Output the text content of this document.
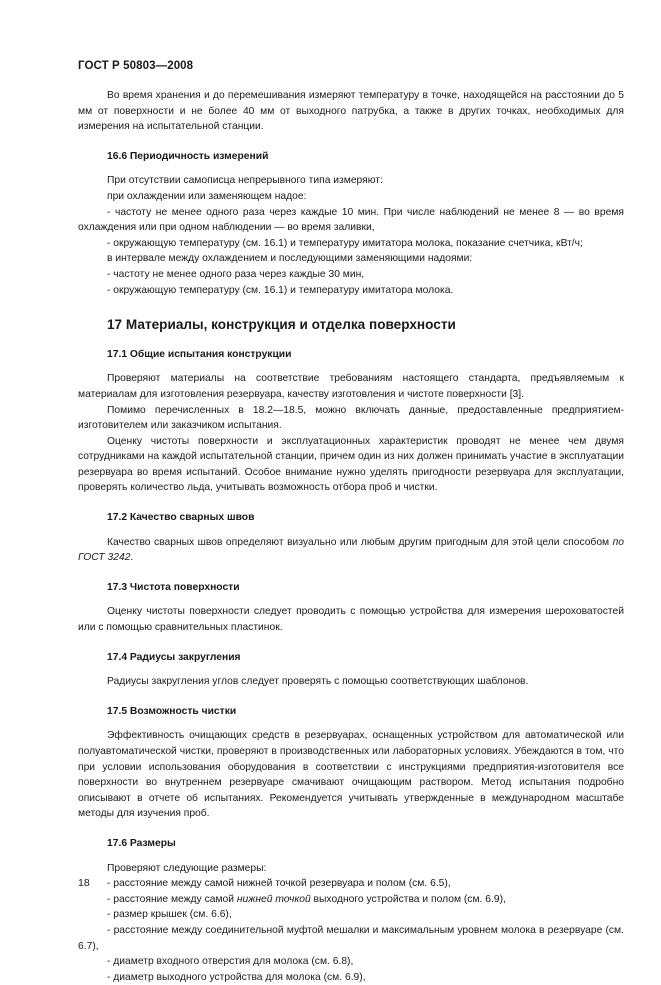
ГОСТ Р 50803—2008

Во время хранения и до перемешивания измеряют температуру в точке, находящейся на расстоянии до 5 мм от поверхности и не более 40 мм от выходного патрубка, а также в других точках, необходимых для измерения на испытательной станции.

16.6 Периодичность измерений

При отсутствии самописца непрерывного типа измеряют:

при охлаждении или заменяющем надое:

- частоту не менее одного раза через каждые 10 мин. При числе наблюдений не менее 8 — во время охлаждения или при одном наблюдении — во время заливки,

- окружающую температуру (см. 16.1) и температуру имитатора молока, показание счетчика, кВт/ч;

в интервале между охлаждением и последующими заменяющими надоями:

- частоту не менее одного раза через каждые 30 мин,

- окружающую температуру (см. 16.1) и температуру имитатора молока.

17 Материалы, конструкция и отделка поверхности
17.1 Общие испытания конструкции

Проверяют материалы на соответствие требованиям настоящего стандарта, предъявляемым к материалам для изготовления резервуара, качеству изготовления и чистоте поверхности [3].

Помимо перечисленных в 18.2—18.5, можно включать данные, предоставленные предприятием-изготовителем или заказчиком испытания.

Оценку чистоты поверхности и эксплуатационных характеристик проводят не менее чем двумя сотрудниками на каждой испытательной станции, причем один из них должен принимать участие в эксплуатации резервуара во время испытаний. Особое внимание нужно уделять пригодности резервуара для эксплуатации, проверять количество льда, учитывать возможность отбора проб и чистки.

17.2 Качество сварных швов

Качество сварных швов определяют визуально или любым другим пригодным для этой цели способом по ГОСТ 3242.

17.3 Чистота поверхности

Оценку чистоты поверхности следует проводить с помощью устройства для измерения шероховатостей или с помощью сравнительных пластинок.

17.4 Радиусы закругления

Радиусы закругления углов следует проверять с помощью соответствующих шаблонов.

17.5 Возможность чистки

Эффективность очищающих средств в резервуарах, оснащенных устройством для автоматической или полуавтоматической чистки, проверяют в производственных или лабораторных условиях. Убеждаются в том, что при условии использования оборудования в соответствии с инструкциями предприятия-изготовителя все поверхности во внутреннем резервуаре смачивают очищающим раствором. Метод испытания подробно описывают в отчете об испытаниях. Рекомендуется учитывать утвержденные в международном масштабе методы для изучения проб.

17.6 Размеры

Проверяют следующие размеры:

- расстояние между самой нижней точкой резервуара и полом (см. 6.5),

- расстояние между самой нижней точкой выходного устройства и полом (см. 6.9),

- размер крышек (см. 6.6),

- расстояние между соединительной муфтой мешалки и максимальным уровнем молока в резервуаре (см. 6.7),

- диаметр входного отверстия для молока (см. 6.8),

- диаметр выходного устройства для молока (см. 6.9),

18
